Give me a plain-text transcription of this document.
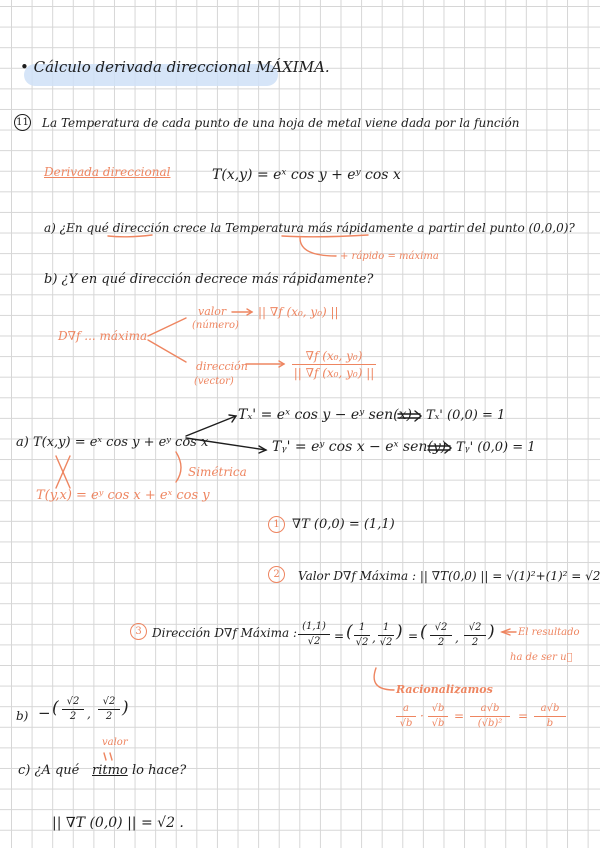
• Cálculo derivada direccional MÁXIMA.
11 La Temperatura de cada punto de una hoja de metal viene dada por la función
Derivada direccional	T(x,y) = eˣ cos y + eʸ cos x
a) ¿En qué dirección crece la Temperatura más rápidamente a partir del punto (0,0,0)?
+ rápido = máxima
b) ¿Y en qué dirección decrece más rápidamente?
D∇f ... máxima
valor
(número)
|| ∇f (x₀, y₀) ||
dirección
(vector)
∇f (x₀, y₀)
|| ∇f (x₀, y₀) ||
a) T(x,y) = eˣ cos y + eʸ cos x
T(y,x) = eʸ cos x + eˣ cos y
Simétrica
Tₓ' = eˣ cos y − eʸ sen(x) Tₓ' (0,0) = 1
Tᵧ' = eʸ cos x − eˣ sen(y) Tᵧ' (0,0) = 1
1 ∇T (0,0) = (1,1)
2	Valor D∇f Máxima : || ∇T(0,0) || = √(1)²+(1)² = √2
3 Dirección D∇f Máxima : (1,1)
√2	= ( 1
√2 ,
1
√2
) = ( √2
2 ,
√2
2
) El resultado
ha de ser u⃗
Racionalizamos
a
√b
·
√b
√b
=
a√b
(√b)²
=
a√b
b
b) − ( √2
2 ,
√2
2 )
valor
c) ¿A qué ritmo lo hace?
|| ∇T (0,0) || = √2 .
